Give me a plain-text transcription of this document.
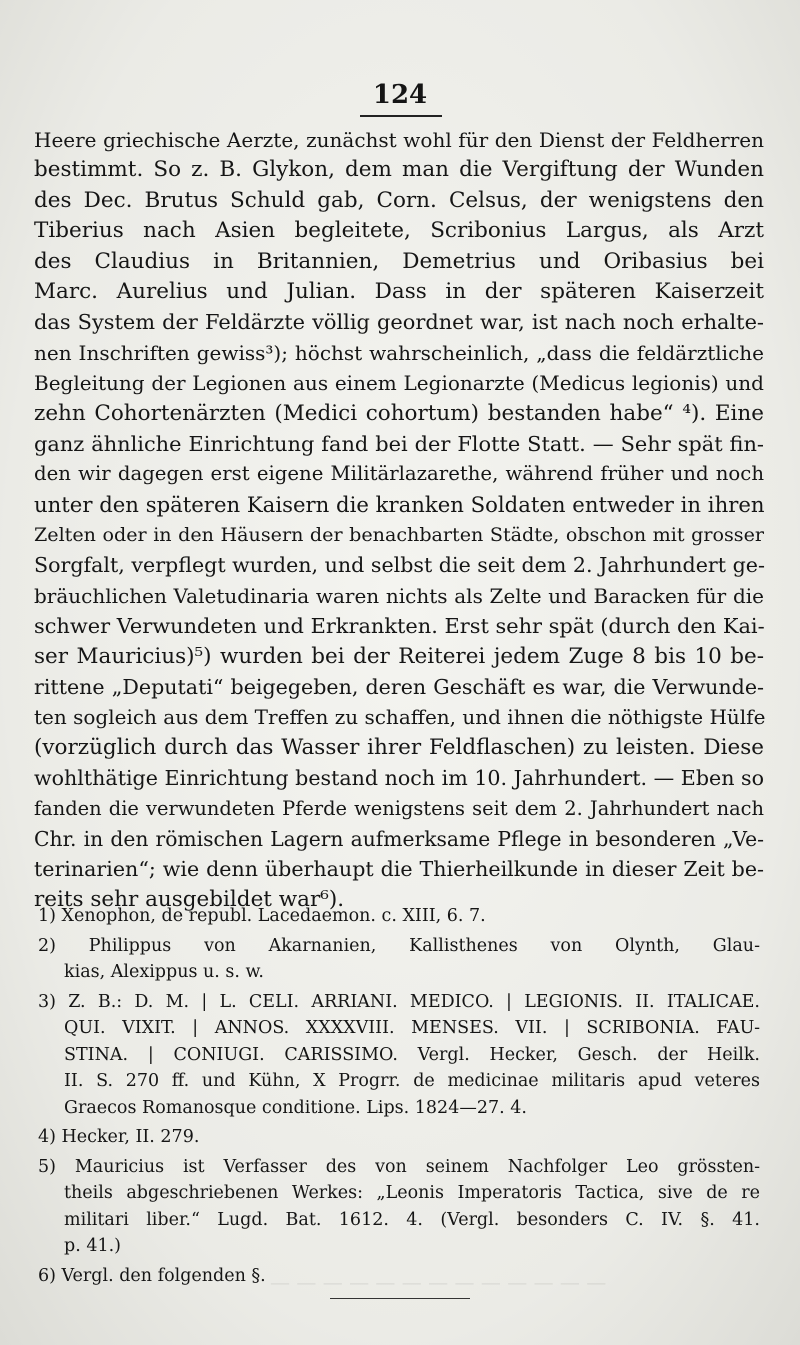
— — — — — — — — — — — — —
124
Heere griechische Aerzte, zunächst wohl für den Dienst der Feldherren
bestimmt. So z. B. Glykon, dem man die Vergiftung der Wunden
des Dec. Brutus Schuld gab, Corn. Celsus, der wenigstens den
Tiberius nach Asien begleitete, Scribonius Largus, als Arzt
des Claudius in Britannien, Demetrius und Oribasius bei
Marc. Aurelius und Julian. Dass in der späteren Kaiserzeit
das System der Feldärzte völlig geordnet war, ist nach noch erhalte-
nen Inschriften gewiss³); höchst wahrscheinlich, „dass die feldärztliche
Begleitung der Legionen aus einem Legionarzte (Medicus legionis) und
zehn Cohortenärzten (Medici cohortum) bestanden habe“ ⁴). Eine
ganz ähnliche Einrichtung fand bei der Flotte Statt. — Sehr spät fin-
den wir dagegen erst eigene Militärlazarethe, während früher und noch
unter den späteren Kaisern die kranken Soldaten entweder in ihren
Zelten oder in den Häusern der benachbarten Städte, obschon mit grosser
Sorgfalt, verpflegt wurden, und selbst die seit dem 2. Jahrhundert ge-
bräuchlichen Valetudinaria waren nichts als Zelte und Baracken für die
schwer Verwundeten und Erkrankten. Erst sehr spät (durch den Kai-
ser Mauricius)⁵) wurden bei der Reiterei jedem Zuge 8 bis 10 be-
rittene „Deputati“ beigegeben, deren Geschäft es war, die Verwunde-
ten sogleich aus dem Treffen zu schaffen, und ihnen die nöthigste Hülfe
(vorzüglich durch das Wasser ihrer Feldflaschen) zu leisten. Diese
wohlthätige Einrichtung bestand noch im 10. Jahrhundert. — Eben so
fanden die verwundeten Pferde wenigstens seit dem 2. Jahrhundert nach
Chr. in den römischen Lagern aufmerksame Pflege in besonderen „Ve-
terinarien“; wie denn überhaupt die Thierheilkunde in dieser Zeit be-
reits sehr ausgebildet war⁶).
1) Xenophon, de republ. Lacedaemon. c. XIII, 6. 7.
2) Philippus von Akarnanien, Kallisthenes von Olynth, Glau-
kias, Alexippus u. s. w.
3) Z. B.: D. M. | L. CELI. ARRIANI. MEDICO. | LEGIONIS. II. ITALICAE.
QUI. VIXIT. | ANNOS. XXXXVIII. MENSES. VII. | SCRIBONIA. FAU-
STINA. | CONIUGI. CARISSIMO. Vergl. Hecker, Gesch. der Heilk.
II. S. 270 ff. und Kühn, X Progrr. de medicinae militaris apud veteres
Graecos Romanosque conditione. Lips. 1824—27. 4.
4) Hecker, II. 279.
5) Mauricius ist Verfasser des von seinem Nachfolger Leo grössten-
theils abgeschriebenen Werkes: „Leonis Imperatoris Tactica, sive de re
militari liber.“ Lugd. Bat. 1612. 4. (Vergl. besonders C. IV. §. 41.
p. 41.)
6) Vergl. den folgenden §.
